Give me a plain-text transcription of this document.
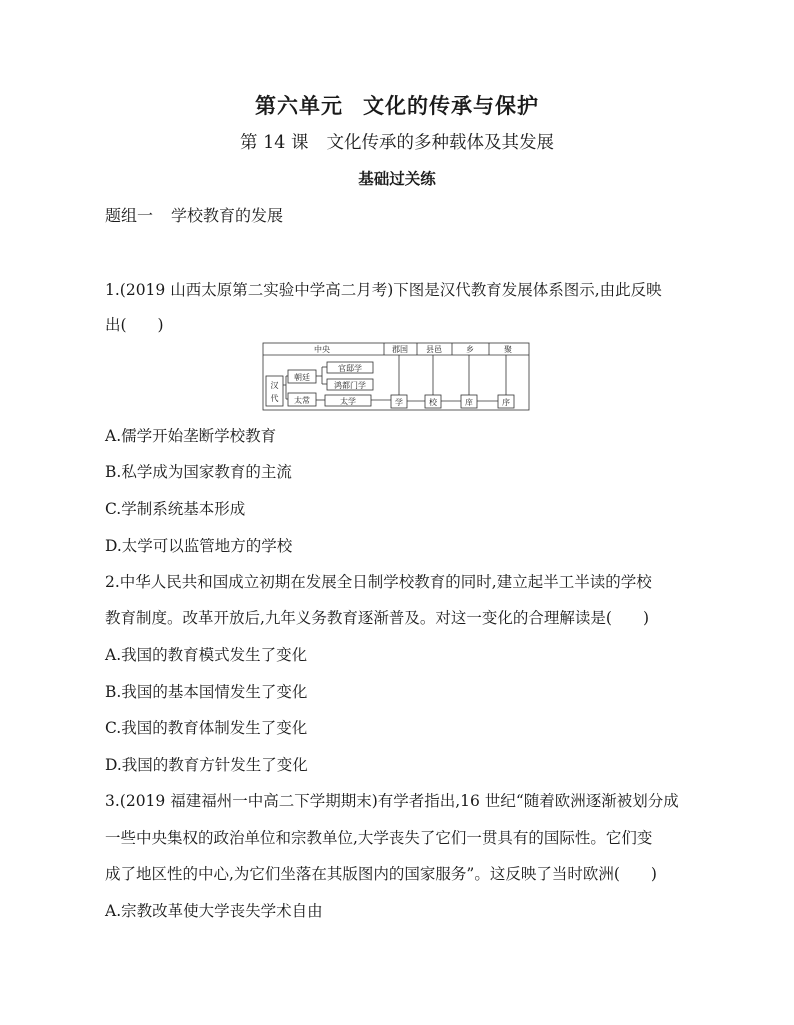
第六单元 文化的传承与保护
第 14 课 文化传承的多种载体及其发展
基础过关练
题组一 学校教育的发展
1.(2019 山西太原第二实验中学高二月考)下图是汉代教育发展体系图示,由此反映
出(　　)
中央	郡国 县邑	乡	聚
汉
代
朝廷
太常
官邸学
鸿都门学
太学	学	校	庠	序
A.儒学开始垄断学校教育
B.私学成为国家教育的主流
C.学制系统基本形成
D.太学可以监管地方的学校
2.中华人民共和国成立初期在发展全日制学校教育的同时,建立起半工半读的学校
教育制度。改革开放后,九年义务教育逐渐普及。对这一变化的合理解读是(　　)
A.我国的教育模式发生了变化
B.我国的基本国情发生了变化
C.我国的教育体制发生了变化
D.我国的教育方针发生了变化
3.(2019 福建福州一中高二下学期期末)有学者指出,16 世纪“随着欧洲逐渐被划分成
一些中央集权的政治单位和宗教单位,大学丧失了它们一贯具有的国际性。它们变
成了地区性的中心,为它们坐落在其版图内的国家服务”。这反映了当时欧洲(　　)
A.宗教改革使大学丧失学术自由
